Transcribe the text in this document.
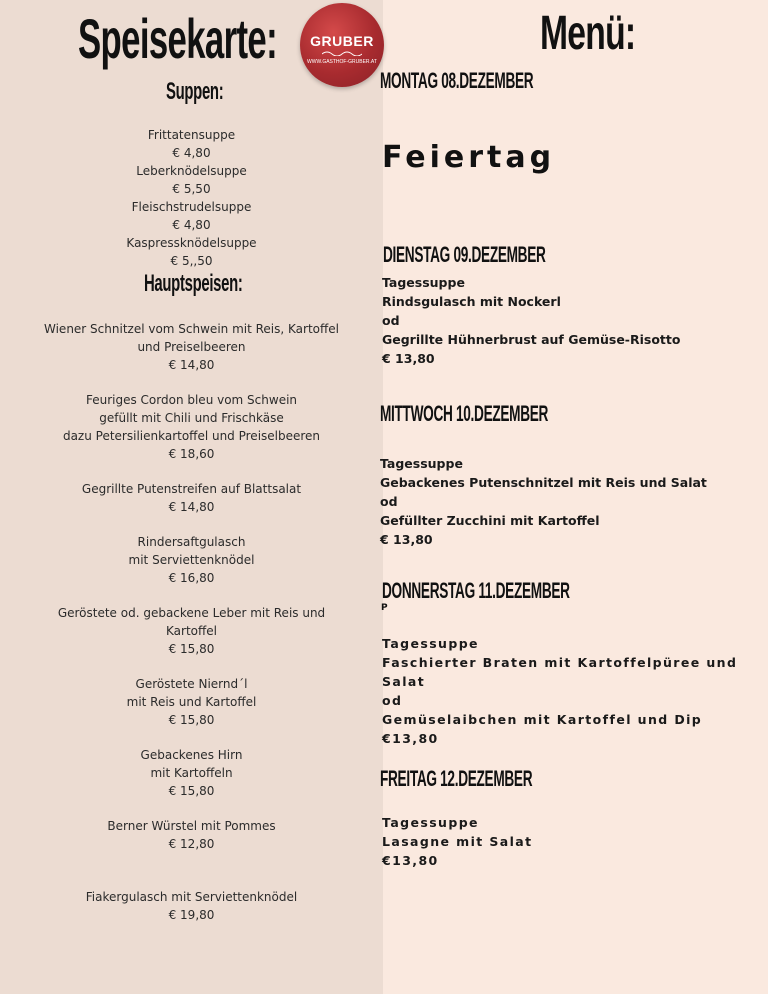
Speisekarte:	Menü:
GRUBER
WWW.GASTHOF-GRUBER.AT
Suppen:
Frittatensuppe
€ 4,80
Leberknödelsuppe
€ 5,50
Fleischstrudelsuppe
€ 4,80
Kaspressknödelsuppe
€ 5,,50
Hauptspeisen:
Wiener Schnitzel vom Schwein mit Reis, Kartoffel
und Preiselbeeren
€ 14,80
Feuriges Cordon bleu vom Schwein
gefüllt mit Chili und Frischkäse
dazu Petersilienkartoffel und Preiselbeeren
€ 18,60
Gegrillte Putenstreifen auf Blattsalat
€ 14,80
Rindersaftgulasch
mit Serviettenknödel
€ 16,80
Geröstete od. gebackene Leber mit Reis und
Kartoffel
€ 15,80
Geröstete Niernd´l
mit Reis und Kartoffel
€ 15,80
Gebackenes Hirn
mit Kartoffeln
€ 15,80
Berner Würstel mit Pommes
€ 12,80
Fiakergulasch mit Serviettenknödel
€ 19,80
MONTAG 08.DEZEMBER
Feiertag
DIENSTAG 09.DEZEMBER
Tagessuppe
Rindsgulasch mit Nockerl
od
Gegrillte Hühnerbrust auf Gemüse-Risotto
€ 13,80
MITTWOCH 10.DEZEMBER
Tagessuppe
Gebackenes Putenschnitzel mit Reis und Salat
od
Gefüllter Zucchini mit Kartoffel
€ 13,80
DONNERSTAG 11.DEZEMBER
P
Tagessuppe
Faschierter Braten mit Kartoffelpüree und
Salat
od
Gemüselaibchen mit Kartoffel und Dip
€13,80
FREITAG 12.DEZEMBER
Tagessuppe
Lasagne mit Salat
€13,80
